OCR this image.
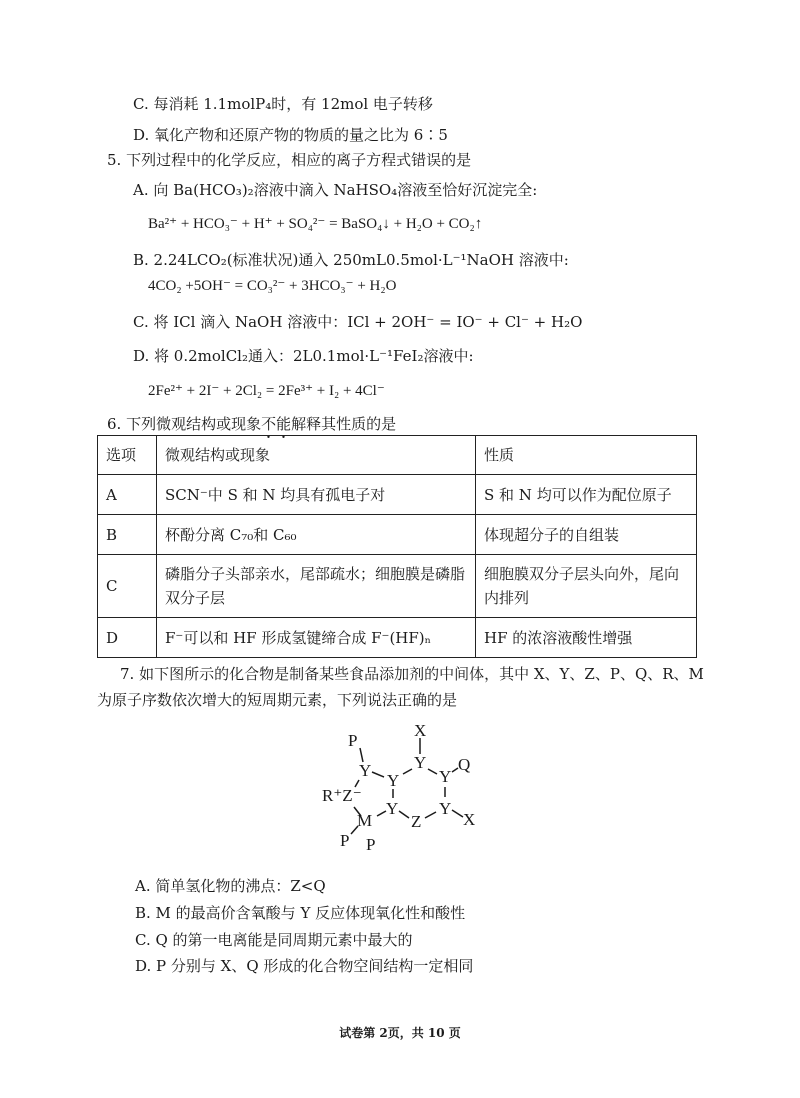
C. 每消耗 1.1molP₄时，有 12mol 电子转移
D. 氧化产物和还原产物的物质的量之比为 6∶5
5. 下列过程中的化学反应，相应的离子方程式错误的是
A. 向 Ba(HCO₃)₂溶液中滴入 NaHSO₄溶液至恰好沉淀完全:
Ba²⁺ + HCO₃⁻ + H⁺ + SO₄²⁻ = BaSO₄↓ + H₂O + CO₂↑
B. 2.24LCO₂(标准状况)通入 250mL0.5mol·L⁻¹NaOH 溶液中:
4CO₂ +5OH⁻ = CO₃²⁻ + 3HCO₃⁻ + H₂O
C. 将 ICl 滴入 NaOH 溶液中：ICl + 2OH⁻ = IO⁻ + Cl⁻ + H₂O
D. 将 0.2molCl₂通入：2L0.1mol·L⁻¹FeI₂溶液中:
2Fe²⁺ + 2I⁻ + 2Cl₂ = 2Fe³⁺ + I₂ + 4Cl⁻
6. 下列微观结构或现象不能解释其性质的是
选项	微观结构或现象	性质
A	SCN⁻中 S 和 N 均具有孤电子对	S 和 N 均可以作为配位原子
B	杯酚分离 C₇₀和 C₆₀	体现超分子的自组装
C	磷脂分子头部亲水，尾部疏水；细胞膜是磷脂双分子层	细胞膜双分子层头向外，尾向内排列
D	F⁻可以和 HF 形成氢键缔合成 F⁻(HF)ₙ	HF 的浓溶液酸性增强
7. 如下图所示的化合物是制备某些食品添加剂的中间体，其中 X、Y、Z、P、Q、R、M
为原子序数依次增大的短周期元素，下列说法正确的是
P
X
Y
Y
Y
Y
Q
R⁺Z⁻
M
Y
Z
Y
X
P P
A. 简单氢化物的沸点：Z<Q
B. M 的最高价含氧酸与 Y 反应体现氧化性和酸性
C. Q 的第一电离能是同周期元素中最大的
D. P 分别与 X、Q 形成的化合物空间结构一定相同
试卷第 2页，共 10 页
